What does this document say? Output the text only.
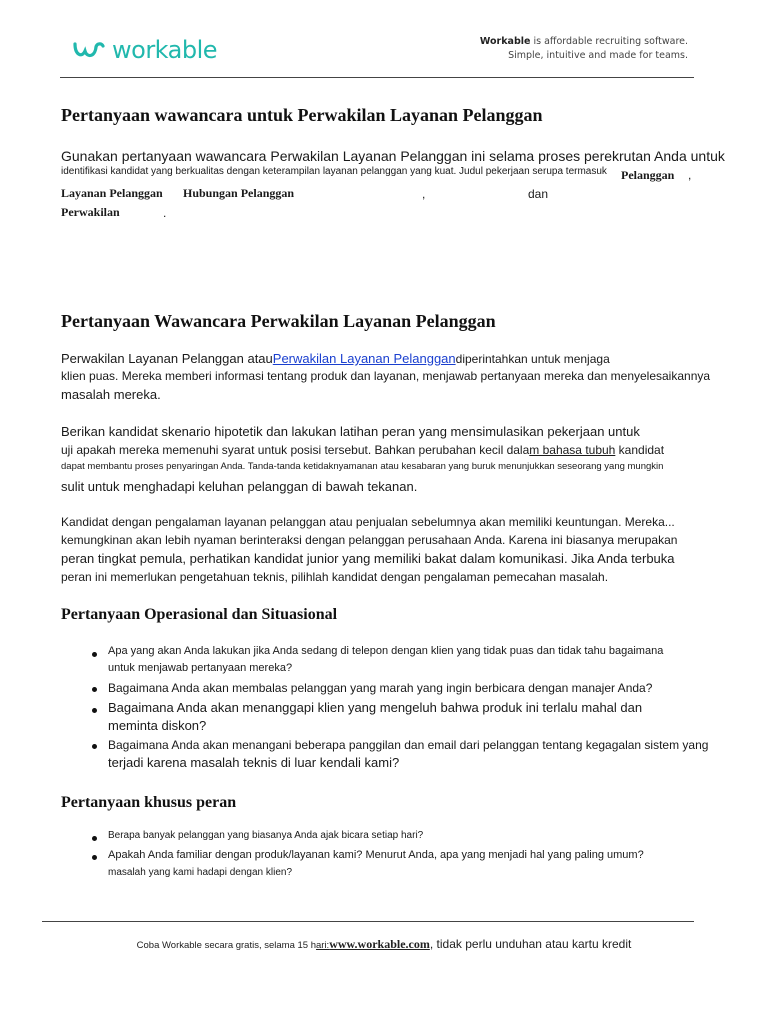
workable	Workable is affordable recruiting software.
Simple, intuitive and made for teams.
Pertanyaan wawancara untuk Perwakilan Layanan Pelanggan
Gunakan pertanyaan wawancara Perwakilan Layanan Pelanggan ini selama proses perekrutan Anda untuk
identifikasi kandidat yang berkualitas dengan keterampilan layanan pelanggan yang kuat. Judul pekerjaan serupa termasuk Pelanggan ,
Layanan Pelanggan Hubungan Pelanggan	,	dan
Perwakilan	.
Pertanyaan Wawancara Perwakilan Layanan Pelanggan
Perwakilan Layanan Pelanggan atauPerwakilan Layanan Pelanggandiperintahkan untuk menjaga
klien puas. Mereka memberi informasi tentang produk dan layanan, menjawab pertanyaan mereka dan menyelesaikannya
masalah mereka.
Berikan kandidat skenario hipotetik dan lakukan latihan peran yang mensimulasikan pekerjaan untuk
uji apakah mereka memenuhi syarat untuk posisi tersebut. Bahkan perubahan kecil dalam bahasa tubuh kandidat
dapat membantu proses penyaringan Anda. Tanda-tanda ketidaknyamanan atau kesabaran yang buruk menunjukkan seseorang yang mungkin
sulit untuk menghadapi keluhan pelanggan di bawah tekanan.
Kandidat dengan pengalaman layanan pelanggan atau penjualan sebelumnya akan memiliki keuntungan. Mereka...
kemungkinan akan lebih nyaman berinteraksi dengan pelanggan perusahaan Anda. Karena ini biasanya merupakan
peran tingkat pemula, perhatikan kandidat junior yang memiliki bakat dalam komunikasi. Jika Anda terbuka
peran ini memerlukan pengetahuan teknis, pilihlah kandidat dengan pengalaman pemecahan masalah.
Pertanyaan Operasional dan Situasional
Apa yang akan Anda lakukan jika Anda sedang di telepon dengan klien yang tidak puas dan tidak tahu bagaimana
untuk menjawab pertanyaan mereka?
Bagaimana Anda akan membalas pelanggan yang marah yang ingin berbicara dengan manajer Anda?
Bagaimana Anda akan menanggapi klien yang mengeluh bahwa produk ini terlalu mahal dan
meminta diskon?
Bagaimana Anda akan menangani beberapa panggilan dan email dari pelanggan tentang kegagalan sistem yang
terjadi karena masalah teknis di luar kendali kami?
Pertanyaan khusus peran
Berapa banyak pelanggan yang biasanya Anda ajak bicara setiap hari?
Apakah Anda familiar dengan produk/layanan kami? Menurut Anda, apa yang menjadi hal yang paling umum?
masalah yang kami hadapi dengan klien?
Coba Workable secara gratis, selama 15 hari:www.workable.com, tidak perlu unduhan atau kartu kredit
